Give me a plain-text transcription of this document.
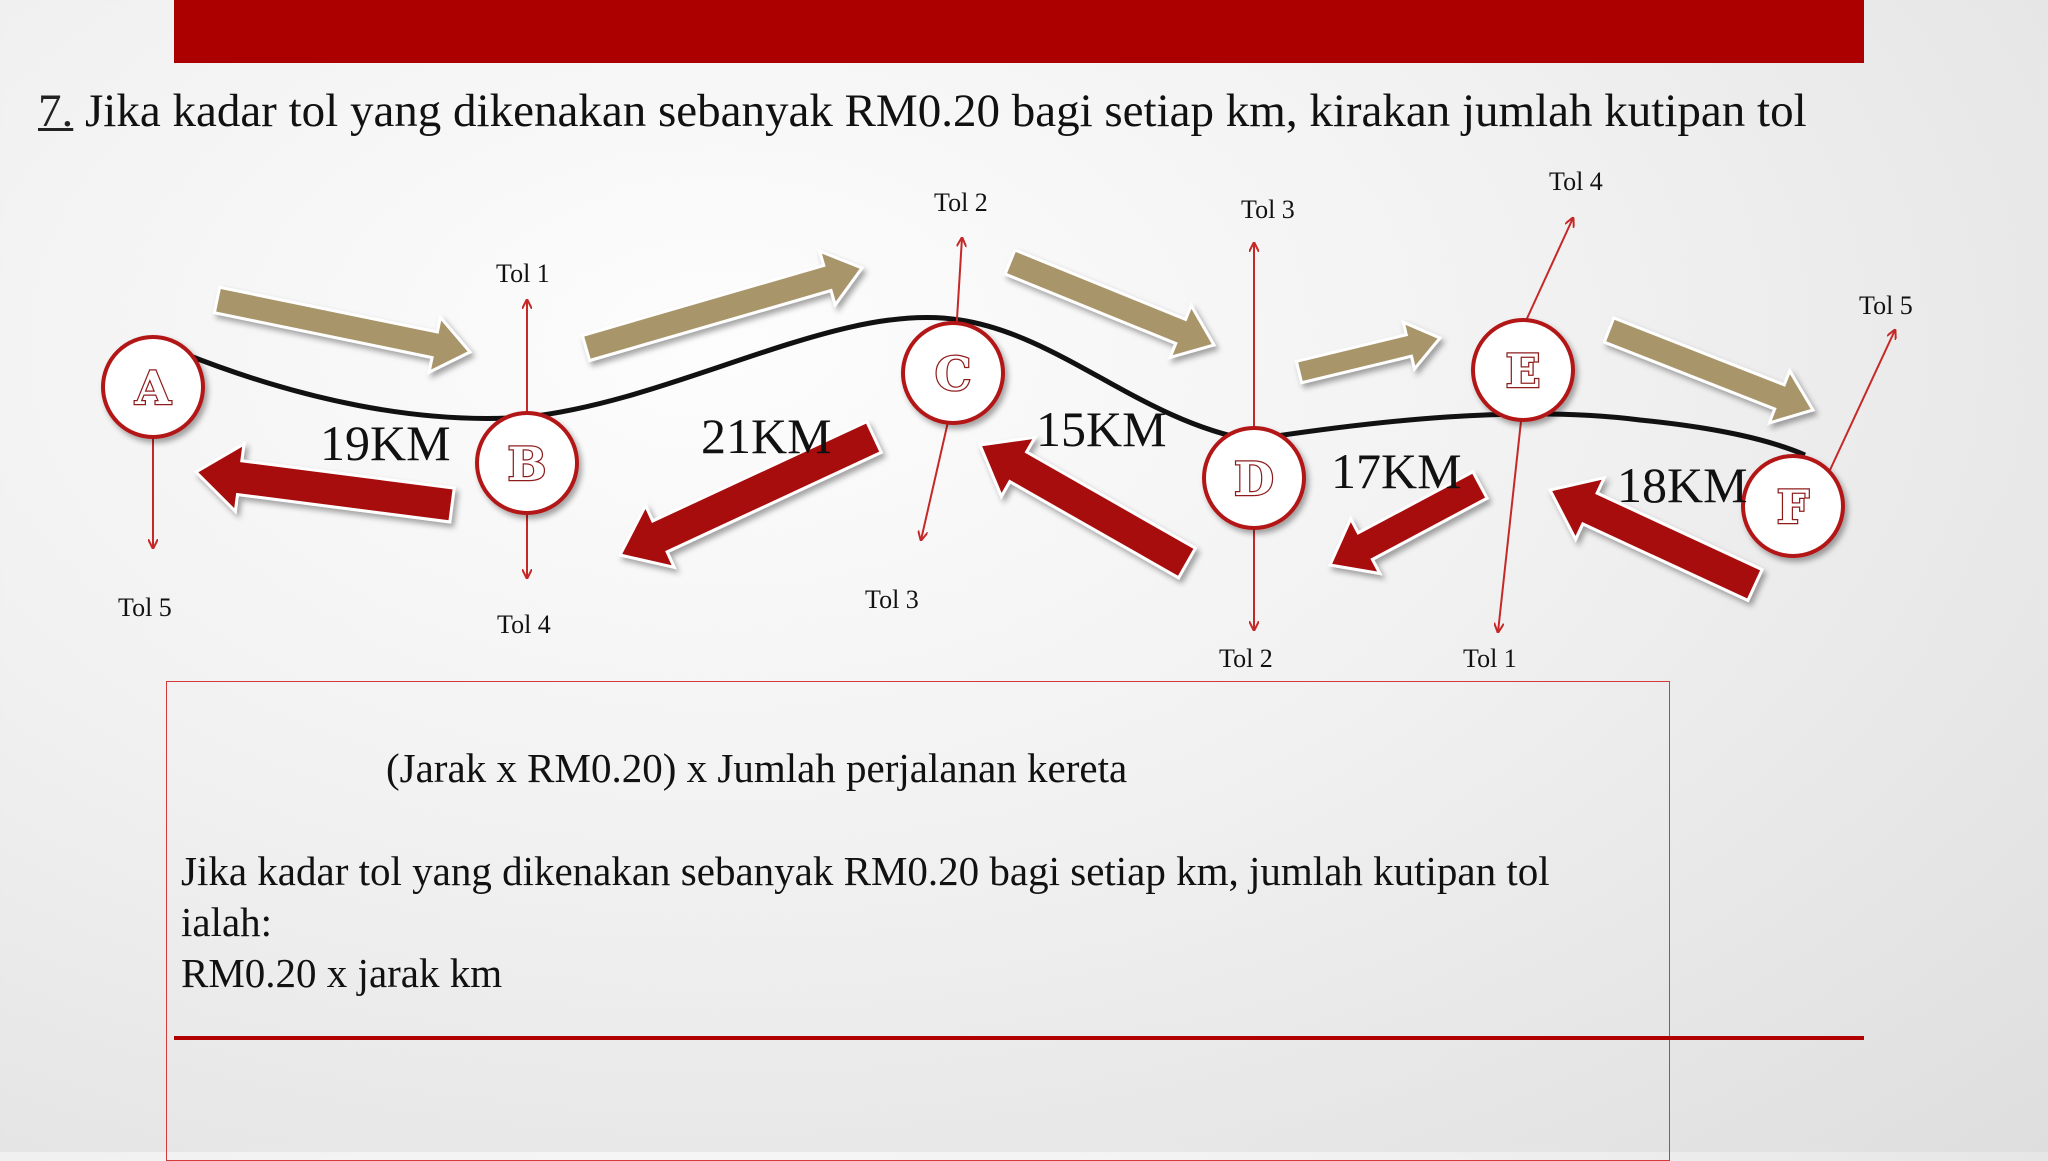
7. Jika kadar tol yang dikenakan sebanyak RM0.20 bagi setiap km, kirakan jumlah kutipan tol
A
B
C
D
E
F
19KM	21KM	15KM
17KM	18KM
Tol 5
Tol 1
Tol 4
Tol 2
Tol 3
Tol 3
Tol 2
Tol 4
Tol 1
Tol 5
(Jarak x RM0.20) x Jumlah perjalanan kereta
Jika kadar tol yang dikenakan sebanyak RM0.20 bagi setiap km, jumlah kutipan tol
ialah:
RM0.20 x jarak km
